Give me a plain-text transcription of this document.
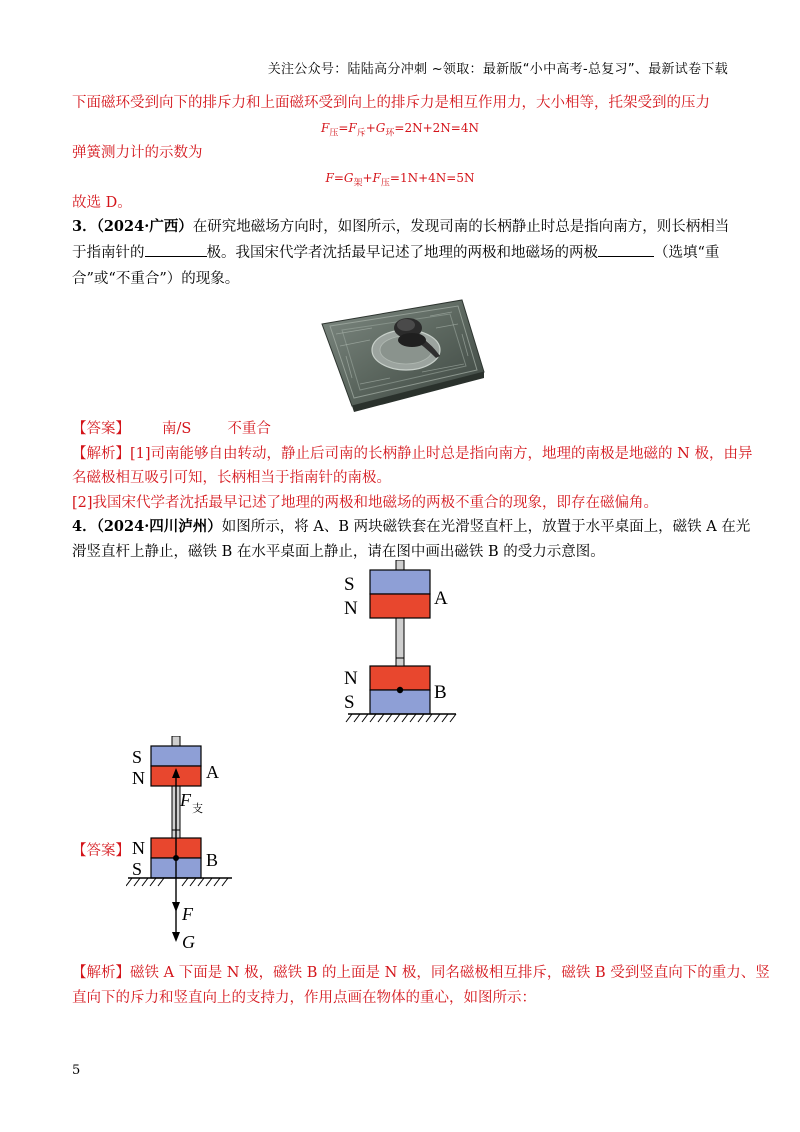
关注公众号：陆陆高分冲刺 ~领取：最新版“小中高考-总复习”、最新试卷下载
下面磁环受到向下的排斥力和上面磁环受到向上的排斥力是相互作用力，大小相等，托架受到的压力
$F_压=F_斥+G_环=2N+2N=4N$
弹簧测力计的示数为
$F=G_架+F_压=1N+4N=5N$
故选 D。
3．（2024·广西）在研究地磁场方向时，如图所示，发现司南的长柄静止时总是指向南方，则长柄相当
于指南针的	极。我国宋代学者沈括最早记述了地理的两极和地磁场的两极	（选填“重
合”或“不重合”）的现象。
【答案】 南/S 不重合
【解析】[1]司南能够自由转动，静止后司南的长柄静止时总是指向南方，地理的南极是地磁的 N 极，由异
名磁极相互吸引可知，长柄相当于指南针的南极。
[2]我国宋代学者沈括最早记述了地理的两极和地磁场的两极不重合的现象，即存在磁偏角。
4．（2024·四川泸州）如图所示，将 A、B 两块磁铁套在光滑竖直杆上，放置于水平桌面上，磁铁 A 在光
滑竖直杆上静止，磁铁 B 在水平桌面上静止，请在图中画出磁铁 B 的受力示意图。
S
N	A
N
S	B
【答案】
S
N	A
F 支
N
S	B
F
G
【解析】磁铁 A 下面是 N 极，磁铁 B 的上面是 N 极，同名磁极相互排斥，磁铁 B 受到竖直向下的重力、竖
直向下的斥力和竖直向上的支持力，作用点画在物体的重心，如图所示：
5
